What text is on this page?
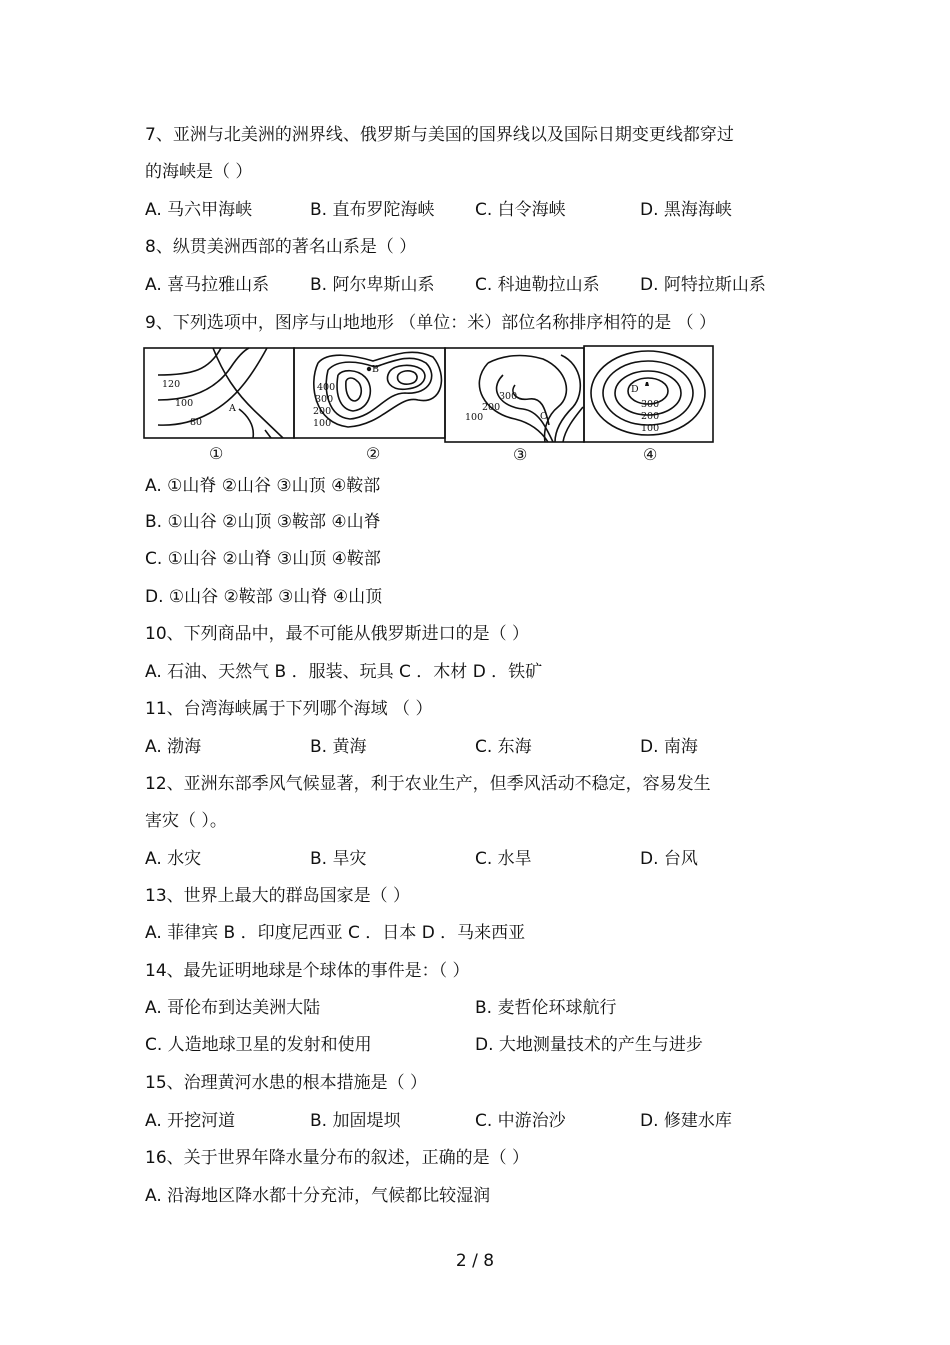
7、亚洲与北美洲的洲界线、俄罗斯与美国的国界线以及国际日期变更线都穿过
的海峡是（ ）
A. 马六甲海峡	B. 直布罗陀海峡 C. 白令海峡	D. 黑海海峡
8、纵贯美洲西部的著名山系是（ ）
A. 喜马拉雅山系 B. 阿尔卑斯山系 C. 科迪勒拉山系 D. 阿特拉斯山系
9、下列选项中，图序与山地地形 （单位：米）部位名称排序相符的是 （ ）
120
100
80
A
400
300
200
100
B
300
200
100	C
D
300
200
100
①	②	③	④
A. ①山脊 ②山谷 ③山顶 ④鞍部
B. ①山谷 ②山顶 ③鞍部 ④山脊
C. ①山谷 ②山脊 ③山顶 ④鞍部
D. ①山谷 ②鞍部 ③山脊 ④山顶
10、下列商品中，最不可能从俄罗斯进口的是（ ）
A. 石油、天然气 B ．服装、玩具 C ．木材 D ．铁矿
11、台湾海峡属于下列哪个海域 （ ）
A. 渤海	B. 黄海	C. 东海	D. 南海
12、亚洲东部季风气候显著，利于农业生产，但季风活动不稳定，容易发生
害灾（ ）。
A. 水灾	B. 旱灾	C. 水旱	D. 台风
13、世界上最大的群岛国家是（ ）
A. 菲律宾 B ．印度尼西亚 C ．日本 D ．马来西亚
14、最先证明地球是个球体的事件是：（ ）
A. 哥伦布到达美洲大陆	B. 麦哲伦环球航行
C. 人造地球卫星的发射和使用	D. 大地测量技术的产生与进步
15、治理黄河水患的根本措施是（ ）
A. 开挖河道	B. 加固堤坝	C. 中游治沙	D. 修建水库
16、关于世界年降水量分布的叙述，正确的是（ ）
A. 沿海地区降水都十分充沛，气候都比较湿润
2 / 8
